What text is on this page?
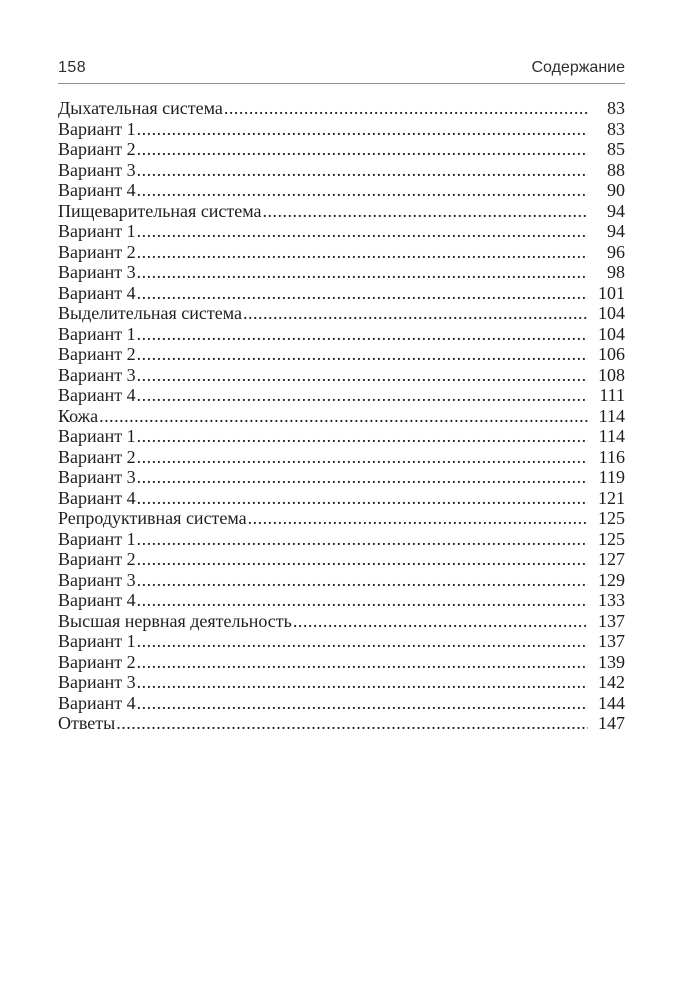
158	Содержание
Дыхательная система .....	83
Вариант 1 .....	83
Вариант 2 .....	85
Вариант 3 .....	88
Вариант 4 .....	90
Пищеварительная система .....	94
Вариант 1 .....	94
Вариант 2 .....	96
Вариант 3 .....	98
Вариант 4 .....	101
Выделительная система .....	104
Вариант 1 .....	104
Вариант 2 .....	106
Вариант 3 .....	108
Вариант 4 .....	111
Кожа .....	114
Вариант 1 .....	114
Вариант 2 .....	116
Вариант 3 .....	119
Вариант 4 .....	121
Репродуктивная система .....	125
Вариант 1 .....	125
Вариант 2 .....	127
Вариант 3 .....	129
Вариант 4 .....	133
Высшая нервная деятельность .....	137
Вариант 1 .....	137
Вариант 2 .....	139
Вариант 3 .....	142
Вариант 4 .....	144
Ответы .....	147
